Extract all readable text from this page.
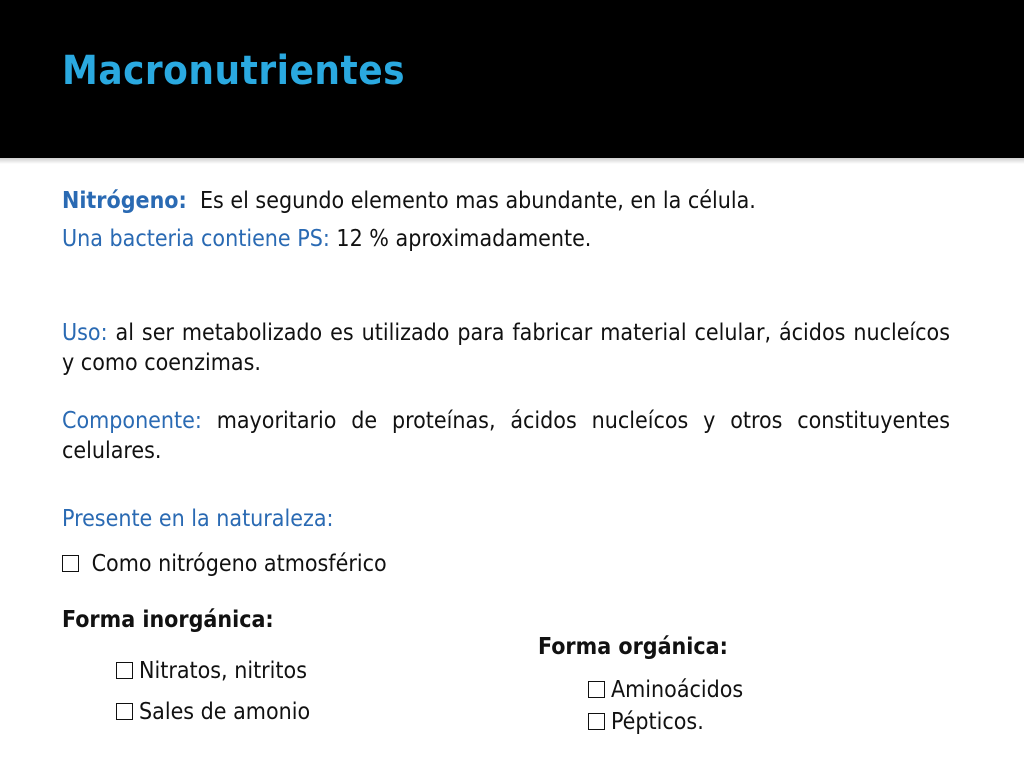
Macronutrientes
Nitrógeno: Es el segundo elemento mas abundante, en la célula.
Una bacteria contiene PS: 12 % aproximadamente.
Uso: al ser metabolizado es utilizado para fabricar material celular, ácidos nucleícos y como coenzimas.
Componente: mayoritario de proteínas, ácidos nucleícos y otros constituyentes celulares.
Presente en la naturaleza:
Como nitrógeno atmosférico
Forma inorgánica:
Nitratos, nitritos
Sales de amonio
Forma orgánica:
Aminoácidos
Pépticos.
